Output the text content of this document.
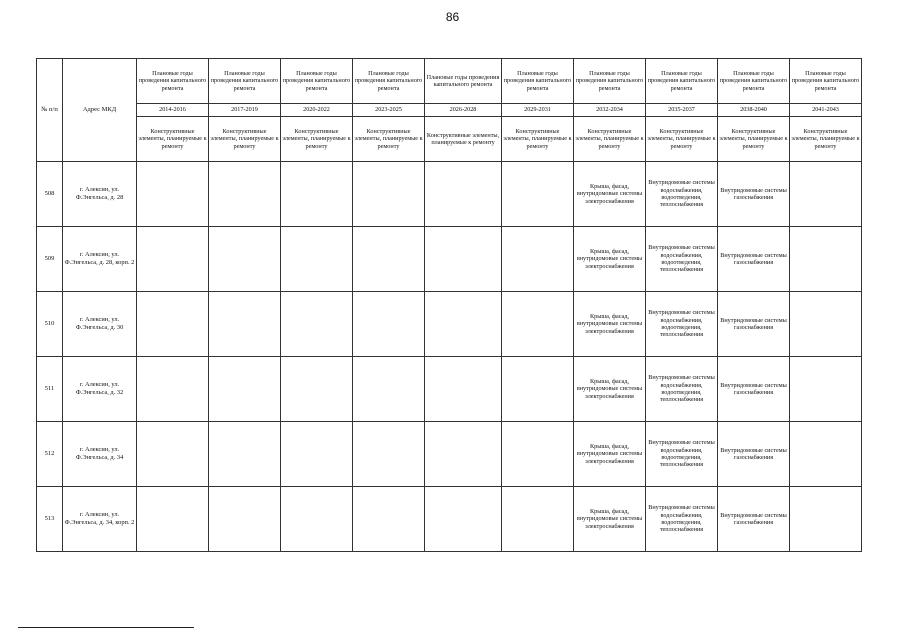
86
№ п/п	Адрес МКД	Плановые годы проведения капитального ремонта	Плановые годы проведения капитального ремонта	Плановые годы проведения капитального ремонта	Плановые годы проведения капитального ремонта	Плановые годы проведения капитального ремонта	Плановые годы проведения капитального ремонта	Плановые годы проведения капитального ремонта	Плановые годы проведения капитального ремонта	Плановые годы проведения капитального ремонта	Плановые годы проведения капитального ремонта
		2014-2016	2017-2019	2020-2022	2023-2025	2026-2028	2029-2031	2032-2034	2035-2037	2038-2040	2041-2043
		Конструктивные элементы, планируемые к ремонту	Конструктивные элементы, планируемые к ремонту	Конструктивные элементы, планируемые к ремонту	Конструктивные элементы, планируемые к ремонту	Конструктивные элементы, планируемые к ремонту	Конструктивные элементы, планируемые к ремонту	Конструктивные элементы, планируемые к ремонту	Конструктивные элементы, планируемые к ремонту	Конструктивные элементы, планируемые к ремонту	Конструктивные элементы, планируемые к ремонту
508	г. Алексин, ул. Ф.Энгельса, д. 28							Крыша, фасад, внутридомовые системы электроснабжения	Внутридомовые системы водоснабжения, водоотведения, теплоснабжения	Внутридомовые системы газоснабжения	
509	г. Алексин, ул. Ф.Энгельса, д. 28, корп. 2							Крыша, фасад, внутридомовые системы электроснабжения	Внутридомовые системы водоснабжения, водоотведения, теплоснабжения	Внутридомовые системы газоснабжения	
510	г. Алексин, ул. Ф.Энгельса, д. 30							Крыша, фасад, внутридомовые системы электроснабжения	Внутридомовые системы водоснабжения, водоотведения, теплоснабжения	Внутридомовые системы газоснабжения	
511	г. Алексин, ул. Ф.Энгельса, д. 32							Крыша, фасад, внутридомовые системы электроснабжения	Внутридомовые системы водоснабжения, водоотведения, теплоснабжения	Внутридомовые системы газоснабжения	
512	г. Алексин, ул. Ф.Энгельса, д. 34							Крыша, фасад, внутридомовые системы электроснабжения	Внутридомовые системы водоснабжения, водоотведения, теплоснабжения	Внутридомовые системы газоснабжения	
513	г. Алексин, ул. Ф.Энгельса, д. 34, корп. 2							Крыша, фасад, внутридомовые системы электроснабжения	Внутридомовые системы водоснабжения, водоотведения, теплоснабжения	Внутридомовые системы газоснабжения	
